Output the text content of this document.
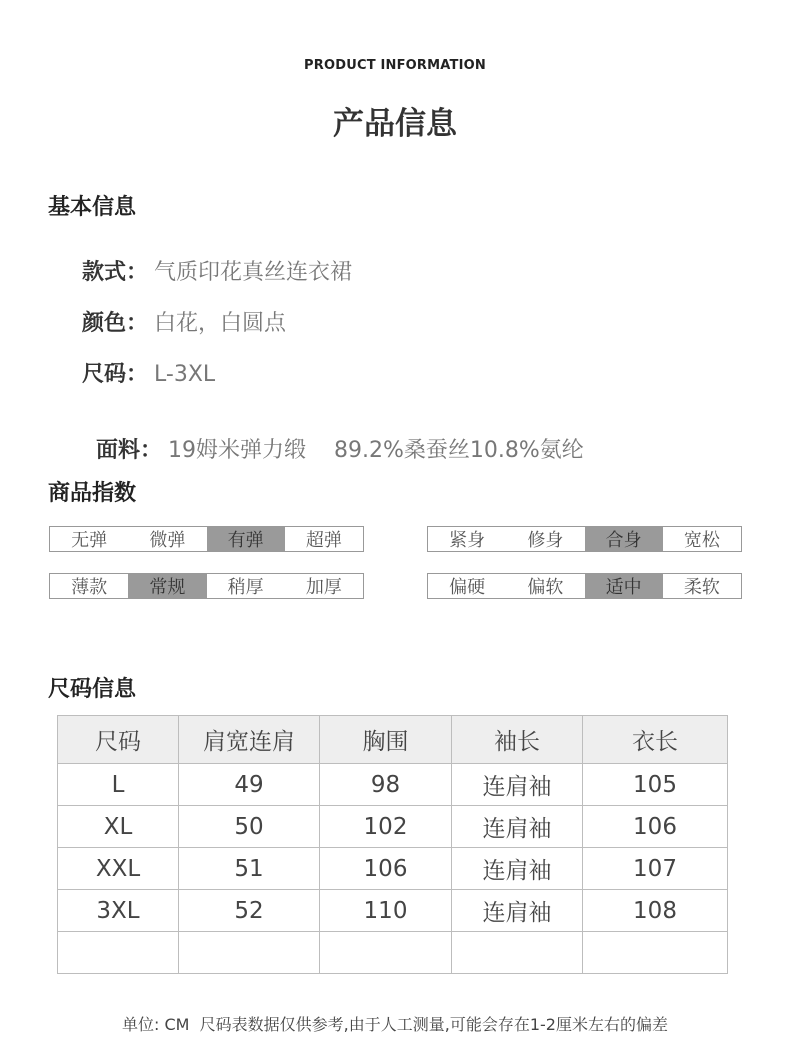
PRODUCT INFORMATION
产品信息
基本信息
款式： 气质印花真丝连衣裙
颜色： 白花，白圆点
尺码： L-3XL

面料： 19姆米弹力缎    89.2%桑蚕丝10.8%氨纶

商品指数
无弹	微弹	有弹	超弹	紧身	修身	合身	宽松
薄款	常规	稍厚	加厚	偏硬	偏软	适中	柔软
尺码信息
尺码	肩宽连肩	胸围	袖长	衣长
L	49	98	连肩袖	105
XL	50	102	连肩袖	106
XXL	51	106	连肩袖	107
3XL	52	110	连肩袖	108

单位: CM  尺码表数据仅供参考,由于人工测量,可能会存在1-2厘米左右的偏差
